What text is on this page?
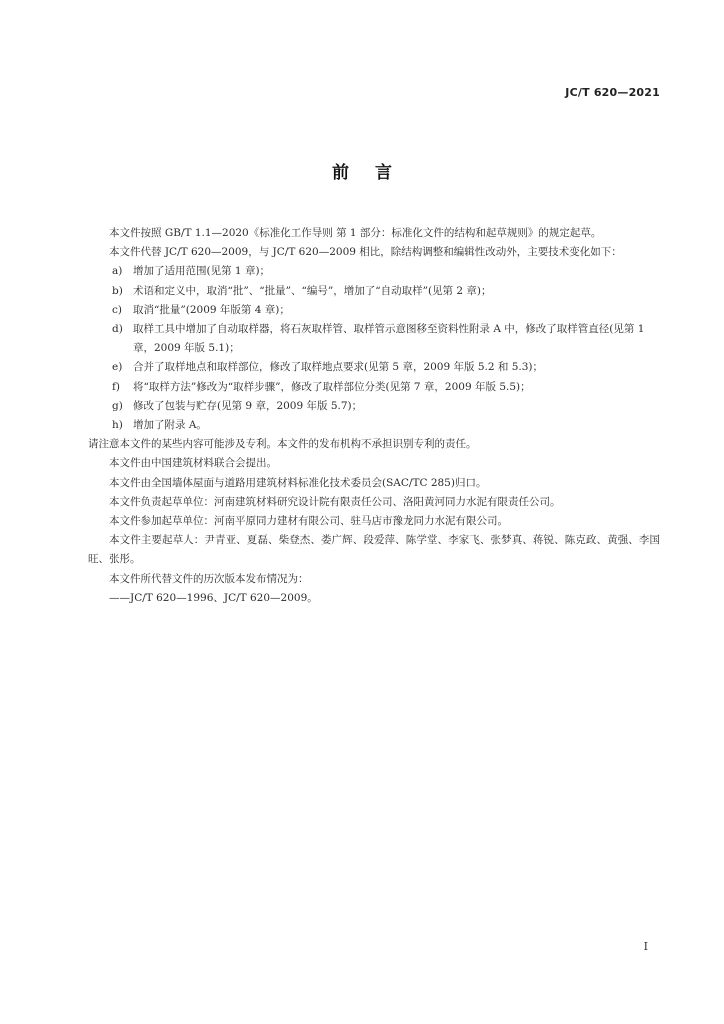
JC/T 620—2021
前言

本文件按照 GB/T 1.1—2020《标准化工作导则 第 1 部分：标准化文件的结构和起草规则》的规定起草。

本文件代替 JC/T 620—2009，与 JC/T 620—2009 相比，除结构调整和编辑性改动外，主要技术变化如下：

a) 增加了适用范围(见第 1 章)；

b) 术语和定义中，取消“批”、“批量”、“编号”，增加了“自动取样”(见第 2 章)；

c) 取消“批量”(2009 年版第 4 章)；

d) 取样工具中增加了自动取样器，将石灰取样管、取样管示意图移至资料性附录 A 中，修改了取样管直径(见第 1 章，2009 年版 5.1)；

e) 合并了取样地点和取样部位，修改了取样地点要求(见第 5 章，2009 年版 5.2 和 5.3)；

f) 将“取样方法”修改为“取样步骤”，修改了取样部位分类(见第 7 章，2009 年版 5.5)；

g) 修改了包装与贮存(见第 9 章，2009 年版 5.7)；

h) 增加了附录 A。

请注意本文件的某些内容可能涉及专利。本文件的发布机构不承担识别专利的责任。

本文件由中国建筑材料联合会提出。

本文件由全国墙体屋面与道路用建筑材料标准化技术委员会(SAC/TC 285)归口。

本文件负责起草单位：河南建筑材料研究设计院有限责任公司、洛阳黄河同力水泥有限责任公司。

本文件参加起草单位：河南平原同力建材有限公司、驻马店市豫龙同力水泥有限公司。

本文件主要起草人：尹青亚、夏磊、柴登杰、娄广辉、段爱萍、陈学堂、李家飞、张梦真、蒋锐、陈克政、黄强、李国旺、张彤。

本文件所代替文件的历次版本发布情况为：

——JC/T 620—1996、JC/T 620—2009。

I
